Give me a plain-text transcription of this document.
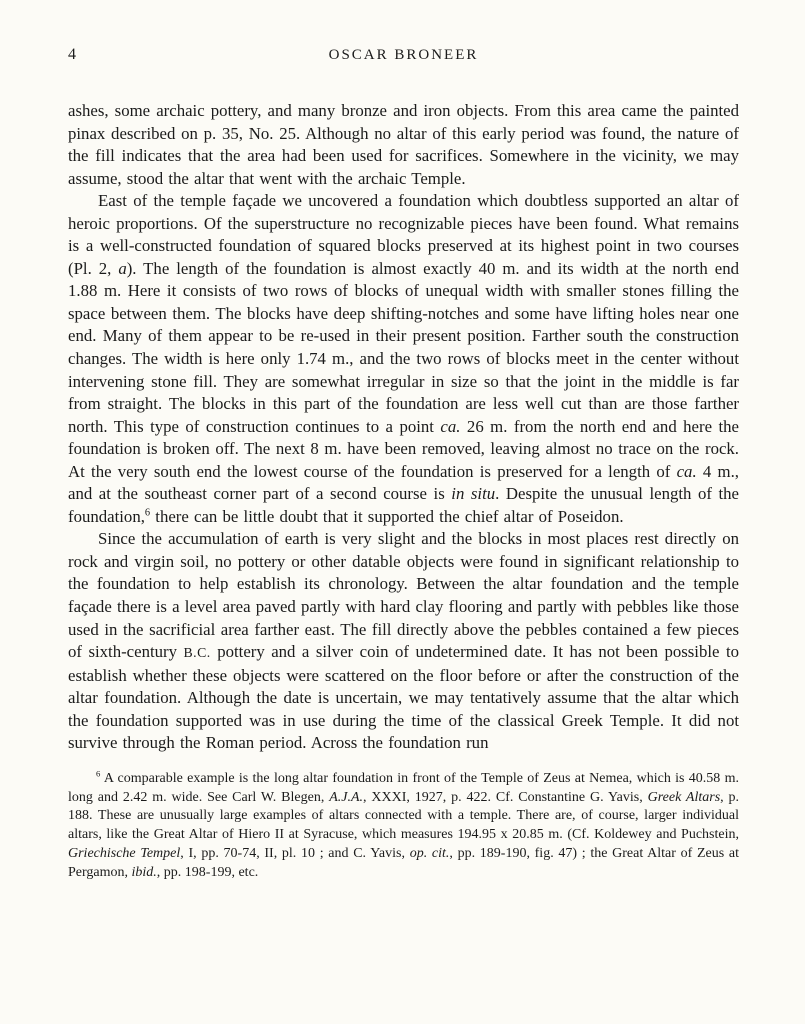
4	OSCAR BRONEER

ashes, some archaic pottery, and many bronze and iron objects. From this area came the painted pinax described on p. 35, No. 25. Although no altar of this early period was found, the nature of the fill indicates that the area had been used for sacrifices. Somewhere in the vicinity, we may assume, stood the altar that went with the archaic Temple.

East of the temple façade we uncovered a foundation which doubtless supported an altar of heroic proportions. Of the superstructure no recognizable pieces have been found. What remains is a well-constructed foundation of squared blocks preserved at its highest point in two courses (Pl. 2, a). The length of the foundation is almost exactly 40 m. and its width at the north end 1.88 m. Here it consists of two rows of blocks of unequal width with smaller stones filling the space between them. The blocks have deep shifting-notches and some have lifting holes near one end. Many of them appear to be re-used in their present position. Farther south the construction changes. The width is here only 1.74 m., and the two rows of blocks meet in the center without intervening stone fill. They are somewhat irregular in size so that the joint in the middle is far from straight. The blocks in this part of the foundation are less well cut than are those farther north. This type of construction continues to a point ca. 26 m. from the north end and here the foundation is broken off. The next 8 m. have been removed, leaving almost no trace on the rock. At the very south end the lowest course of the foundation is preserved for a length of ca. 4 m., and at the southeast corner part of a second course is in situ. Despite the unusual length of the foundation,$^6$ there can be little doubt that it supported the chief altar of Poseidon.

Since the accumulation of earth is very slight and the blocks in most places rest directly on rock and virgin soil, no pottery or other datable objects were found in significant relationship to the foundation to help establish its chronology. Between the altar foundation and the temple façade there is a level area paved partly with hard clay flooring and partly with pebbles like those used in the sacrificial area farther east. The fill directly above the pebbles contained a few pieces of sixth-century B.C. pottery and a silver coin of undetermined date. It has not been possible to establish whether these objects were scattered on the floor before or after the construction of the altar foundation. Although the date is uncertain, we may tentatively assume that the altar which the foundation supported was in use during the time of the classical Greek Temple. It did not survive through the Roman period. Across the foundation run

$^6$ A comparable example is the long altar foundation in front of the Temple of Zeus at Nemea, which is 40.58 m. long and 2.42 m. wide. See Carl W. Blegen, A.J.A., XXXI, 1927, p. 422. Cf. Constantine G. Yavis, Greek Altars, p. 188. These are unusually large examples of altars connected with a temple. There are, of course, larger individual altars, like the Great Altar of Hiero II at Syracuse, which measures 194.95 x 20.85 m. (Cf. Koldewey and Puchstein, Griechische Tempel, I, pp. 70-74, II, pl. 10 ; and C. Yavis, op. cit., pp. 189-190, fig. 47) ; the Great Altar of Zeus at Pergamon, ibid., pp. 198-199, etc.
